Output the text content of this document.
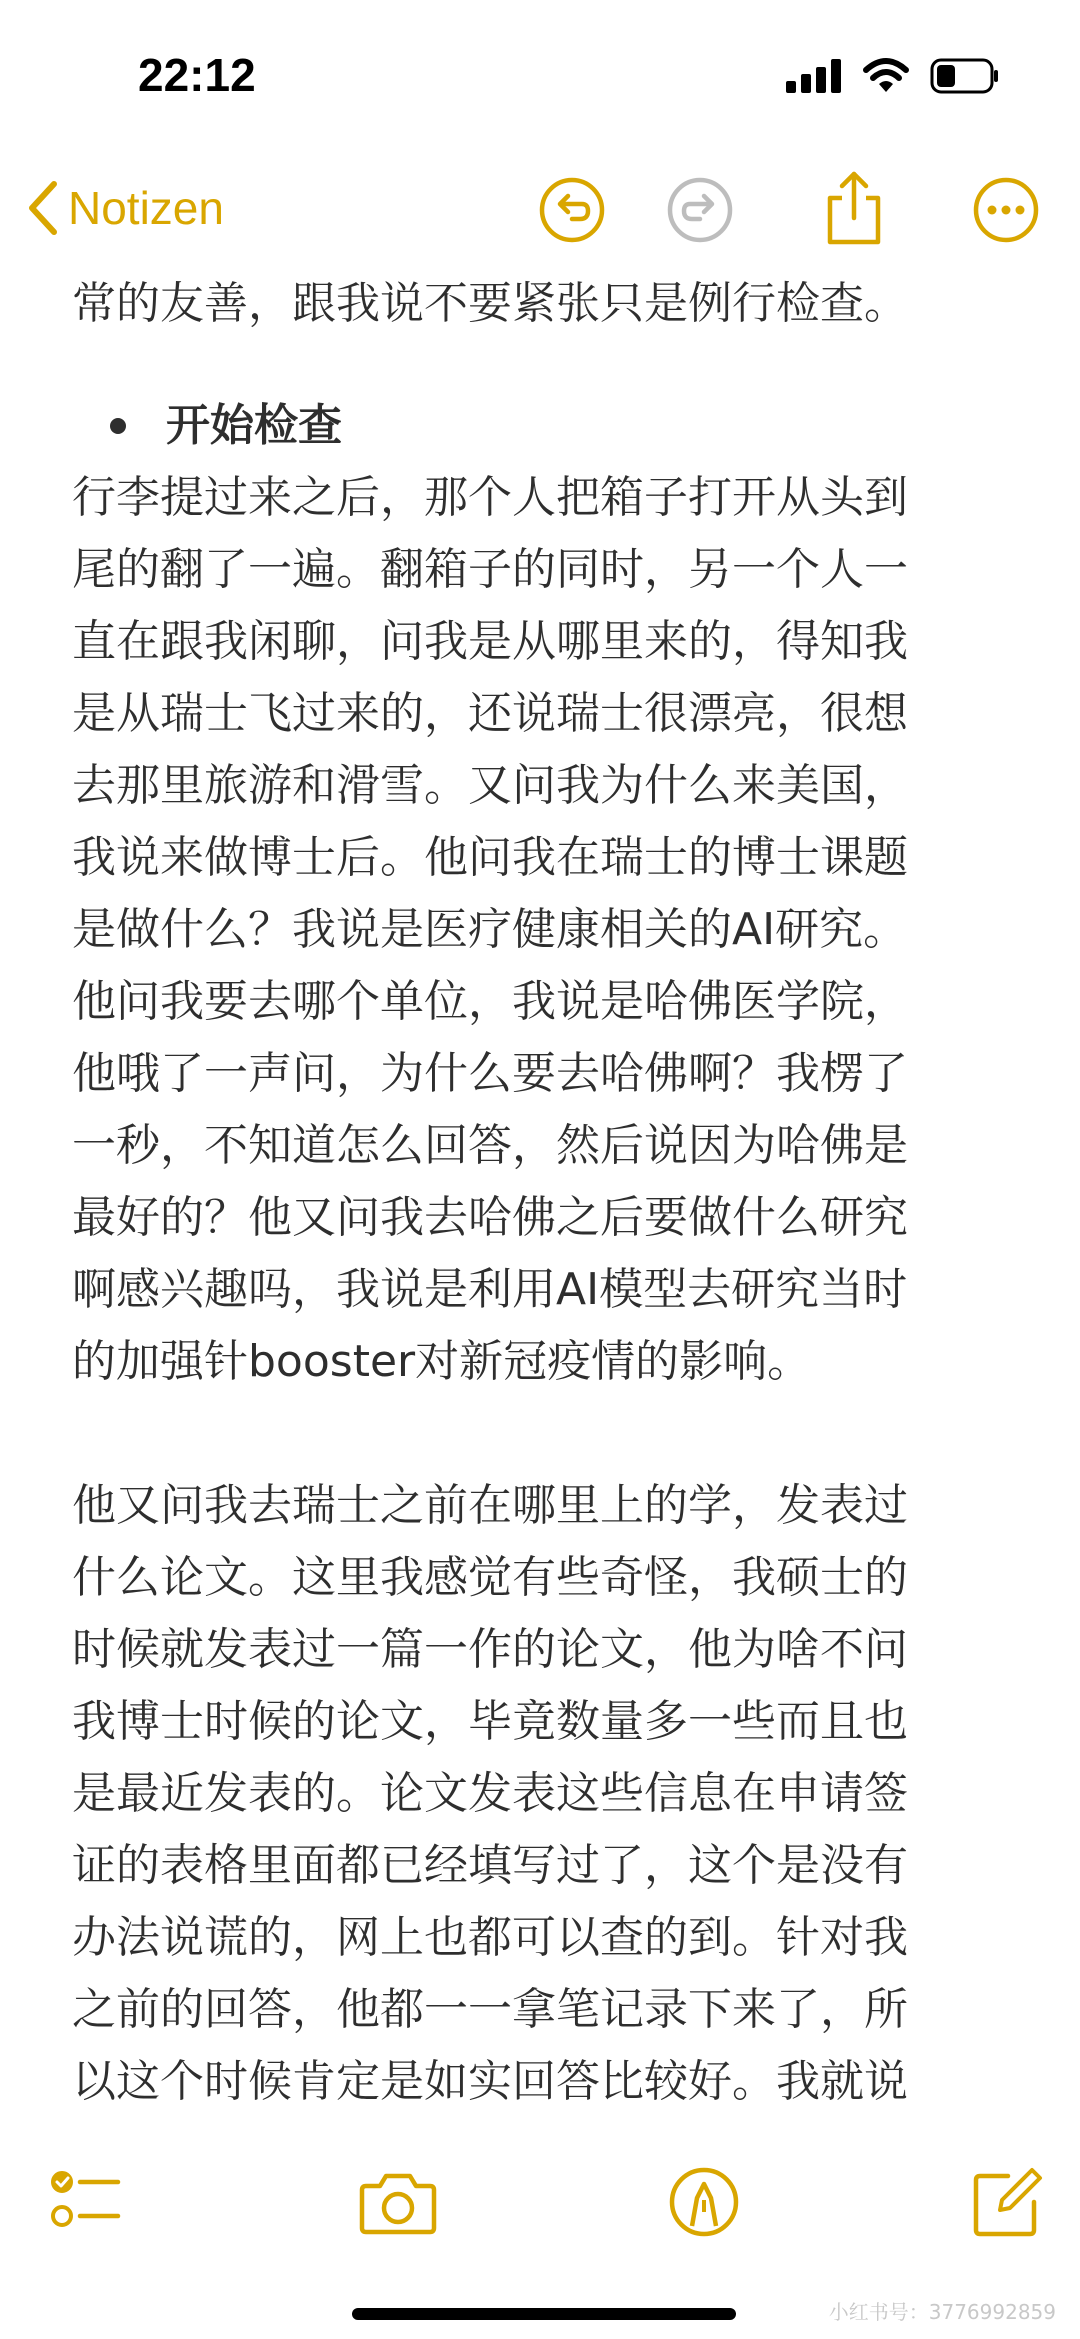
22:12
Notizen

常的友善，跟我说不要紧张只是例行检查。

开始检查

行李提过来之后，那个人把箱子打开从头到

尾的翻了一遍。翻箱子的同时，另一个人一

直在跟我闲聊，问我是从哪里来的，得知我

是从瑞士飞过来的，还说瑞士很漂亮，很想

去那里旅游和滑雪。又问我为什么来美国，

我说来做博士后。他问我在瑞士的博士课题

是做什么？我说是医疗健康相关的AI研究。

他问我要去哪个单位，我说是哈佛医学院，

他哦了一声问，为什么要去哈佛啊？我楞了

一秒，不知道怎么回答，然后说因为哈佛是

最好的？他又问我去哈佛之后要做什么研究

啊感兴趣吗，我说是利用AI模型去研究当时

的加强针booster对新冠疫情的影响。

他又问我去瑞士之前在哪里上的学，发表过

什么论文。这里我感觉有些奇怪，我硕士的

时候就发表过一篇一作的论文，他为啥不问

我博士时候的论文，毕竟数量多一些而且也

是最近发表的。论文发表这些信息在申请签

证的表格里面都已经填写过了，这个是没有

办法说谎的，网上也都可以查的到。针对我

之前的回答，他都一一拿笔记录下来了，所

以这个时候肯定是如实回答比较好。我就说

小红书号：3776992859
